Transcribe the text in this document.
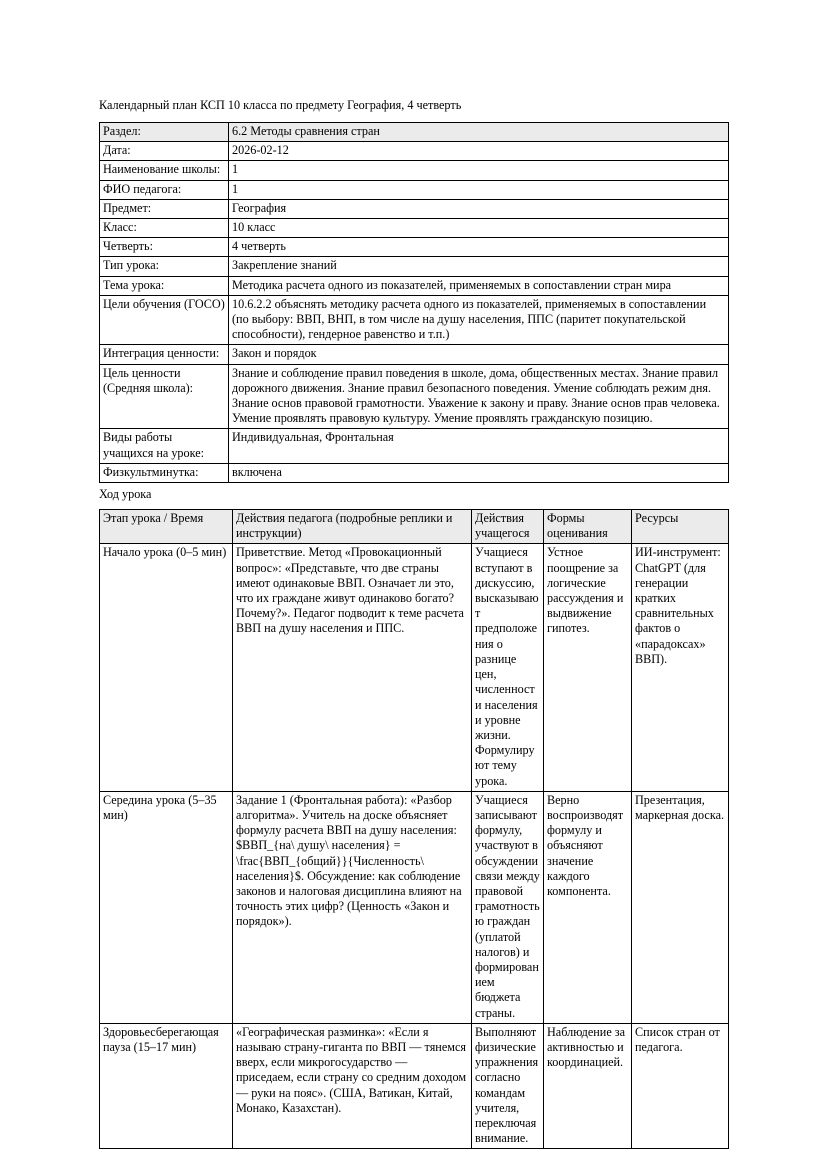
Календарный план КСП 10 класса по предмету География, 4 четверть

Раздел:	6.2 Методы сравнения стран
Дата:	2026-02-12
Наименование школы:	1
ФИО педагога:	1
Предмет:	География
Класс:	10 класс
Четверть:	4 четверть
Тип урока:	Закрепление знаний
Тема урока:	Методика расчета одного из показателей, применяемых в сопоставлении стран мира
Цели обучения (ГОСО)	10.6.2.2 объяснять методику расчета одного из показателей, применяемых в сопоставлении (по выбору: ВВП, ВНП, в том числе на душу населения, ППС (паритет покупательской способности), гендерное равенство и т.п.)
Интеграция ценности:	Закон и порядок
Цель ценности (Средняя школа):	Знание и соблюдение правил поведения в школе, дома, общественных местах. Знание правил дорожного движения. Знание правил безопасного поведения. Умение соблюдать режим дня. Знание основ правовой грамотности. Уважение к закону и праву. Знание основ прав человека. Умение проявлять правовую культуру. Умение проявлять гражданскую позицию.
Виды работы учащихся на уроке:	Индивидуальная, Фронтальная
Физкультминутка:	включена

Ход урока

Этап урока / Время	Действия педагога (подробные реплики и инструкции)	Действия учащегося	Формы оценивания	Ресурсы
Начало урока (0–5 мин)	Приветствие. Метод «Провокационный вопрос»: «Представьте, что две страны имеют одинаковые ВВП. Означает ли это, что их граждане живут одинаково богато? Почему?». Педагог подводит к теме расчета ВВП на душу населения и ППС.	Учащиеся вступают в дискуссию, высказывают предположения о разнице цен, численности населения и уровне жизни. Формулируют тему урока.	Устное поощрение за логические рассуждения и выдвижение гипотез.	ИИ-инструмент: ChatGPT (для генерации кратких сравнительных фактов о «парадоксах» ВВП).
Середина урока (5–35 мин)	Задание 1 (Фронтальная работа): «Разбор алгоритма». Учитель на доске объясняет формулу расчета ВВП на душу населения: $ВВП_{на\ душу\ населения} = \frac{ВВП_{общий}}{Численность\ населения}$. Обсуждение: как соблюдение законов и налоговая дисциплина влияют на точность этих цифр? (Ценность «Закон и порядок»).	Учащиеся записывают формулу, участвуют в обсуждении связи между правовой грамотностью граждан (уплатой налогов) и формированием бюджета страны.	Верно воспроизводят формулу и объясняют значение каждого компонента.	Презентация, маркерная доска.
Здоровьесберегающая пауза (15–17 мин)	«Географическая разминка»: «Если я называю страну-гиганта по ВВП — тянемся вверх, если микрогосударство — приседаем, если страну со средним доходом — руки на пояс». (США, Ватикан, Китай, Монако, Казахстан).	Выполняют физические упражнения согласно командам учителя, переключая внимание.	Наблюдение за активностью и координацией.	Список стран от педагога.
